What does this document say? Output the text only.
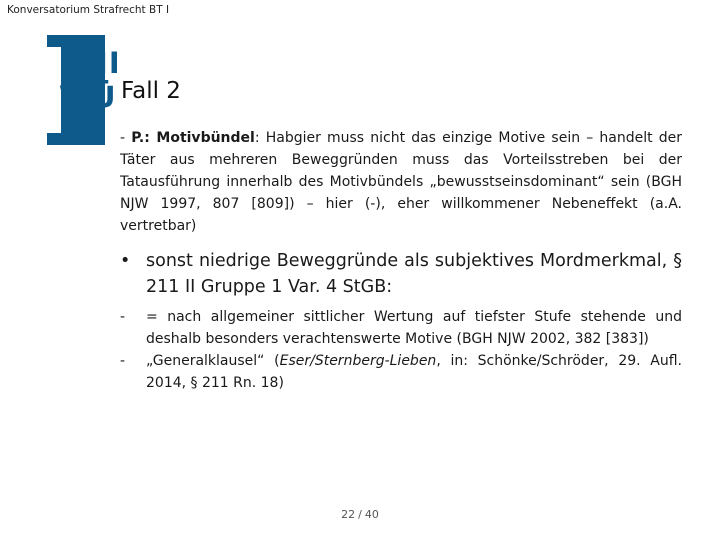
Konversatorium Strafrecht BT I
UNI
WÜ Fall 2

- P.: Motivbündel: Habgier muss nicht das einzige Motive sein – handelt der Täter aus mehreren Beweggründen muss das Vorteilsstreben bei der Tatausführung innerhalb des Motivbündels „bewusstseinsdominant“ sein (BGH NJW 1997, 807 [809]) – hier (-), eher willkommener Nebeneffekt (a.A. vertretbar)

• sonst niedrige Beweggründe als subjektives Mordmerkmal, § 211 II Gruppe 1 Var. 4 StGB:
- = nach allgemeiner sittlicher Wertung auf tiefster Stufe stehende und deshalb besonders verachtenswerte Motive (BGH NJW 2002, 382 [383])
- „Generalklausel“ (Eser/Sternberg-Lieben, in: Schönke/Schröder, 29. Aufl. 2014, § 211 Rn. 18)
22 / 40
